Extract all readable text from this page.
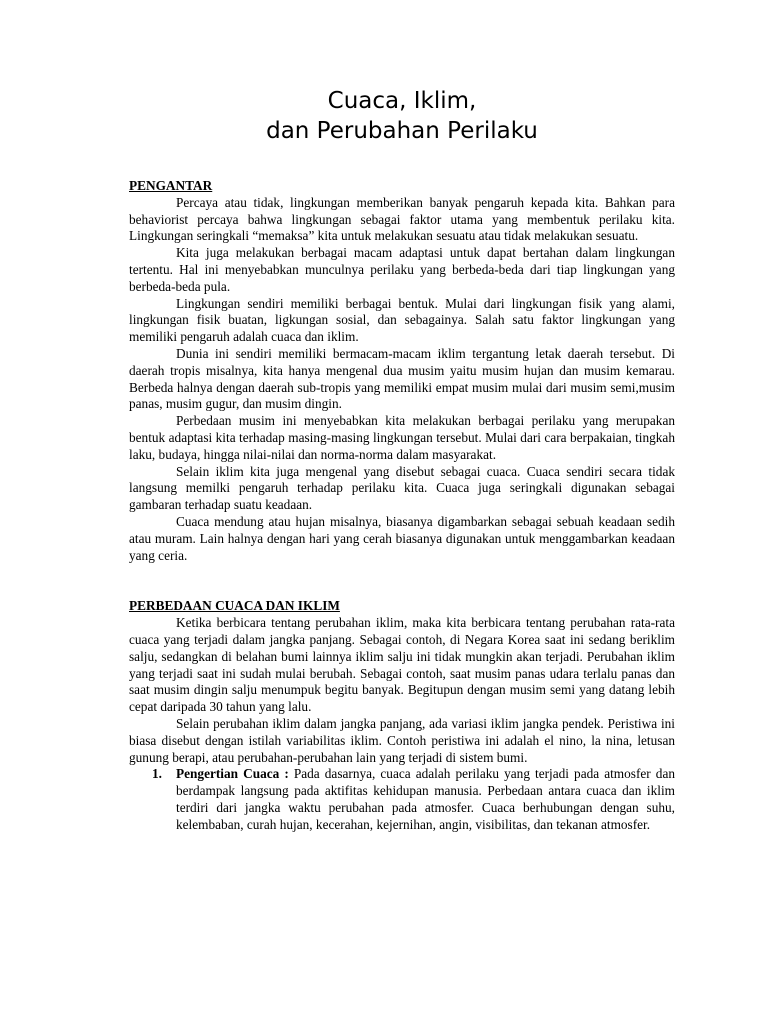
Cuaca, Iklim,
dan Perubahan Perilaku
PENGANTAR

Percaya atau tidak, lingkungan memberikan banyak pengaruh kepada kita. Bahkan para behaviorist percaya bahwa lingkungan sebagai faktor utama yang membentuk perilaku kita. Lingkungan seringkali “memaksa” kita untuk melakukan sesuatu atau tidak melakukan sesuatu.

Kita juga melakukan berbagai macam adaptasi untuk dapat bertahan dalam lingkungan tertentu. Hal ini menyebabkan munculnya perilaku yang berbeda-beda dari tiap lingkungan yang berbeda-beda pula.

Lingkungan sendiri memiliki berbagai bentuk. Mulai dari lingkungan fisik yang alami, lingkungan fisik buatan, ligkungan sosial, dan sebagainya. Salah satu faktor lingkungan yang memiliki pengaruh adalah cuaca dan iklim.

Dunia ini sendiri memiliki bermacam-macam iklim tergantung letak daerah tersebut. Di daerah tropis misalnya, kita hanya mengenal dua musim yaitu musim hujan dan musim kemarau. Berbeda halnya dengan daerah sub-tropis yang memiliki empat musim mulai dari musim semi,musim panas, musim gugur, dan musim dingin.

Perbedaan musim ini menyebabkan kita melakukan berbagai perilaku yang merupakan bentuk adaptasi kita terhadap masing-masing lingkungan tersebut. Mulai dari cara berpakaian, tingkah laku, budaya, hingga nilai-nilai dan norma-norma dalam masyarakat.

Selain iklim kita juga mengenal yang disebut sebagai cuaca. Cuaca sendiri secara tidak langsung memilki pengaruh terhadap perilaku kita. Cuaca juga seringkali digunakan sebagai gambaran terhadap suatu keadaan.

Cuaca mendung atau hujan misalnya, biasanya digambarkan sebagai sebuah keadaan sedih atau muram. Lain halnya dengan hari yang cerah biasanya digunakan untuk menggambarkan keadaan yang ceria.

PERBEDAAN CUACA DAN IKLIM

Ketika berbicara tentang perubahan iklim, maka kita berbicara tentang perubahan rata-rata cuaca yang terjadi dalam jangka panjang. Sebagai contoh, di Negara Korea saat ini sedang beriklim salju, sedangkan di belahan bumi lainnya iklim salju ini tidak mungkin akan terjadi. Perubahan iklim yang terjadi saat ini sudah mulai berubah. Sebagai contoh, saat musim panas udara terlalu panas dan saat musim dingin salju menumpuk begitu banyak. Begitupun dengan musim semi yang datang lebih cepat daripada 30 tahun yang lalu.

Selain perubahan iklim dalam jangka panjang, ada variasi iklim jangka pendek. Peristiwa ini biasa disebut dengan istilah variabilitas iklim. Contoh peristiwa ini adalah el nino, la nina, letusan gunung berapi, atau perubahan-perubahan lain yang terjadi di sistem bumi.

1. Pengertian Cuaca : Pada dasarnya, cuaca adalah perilaku yang terjadi pada atmosfer dan berdampak langsung pada aktifitas kehidupan manusia. Perbedaan antara cuaca dan iklim terdiri dari jangka waktu perubahan pada atmosfer. Cuaca berhubungan dengan suhu, kelembaban, curah hujan, kecerahan, kejernihan, angin, visibilitas, dan tekanan atmosfer.
